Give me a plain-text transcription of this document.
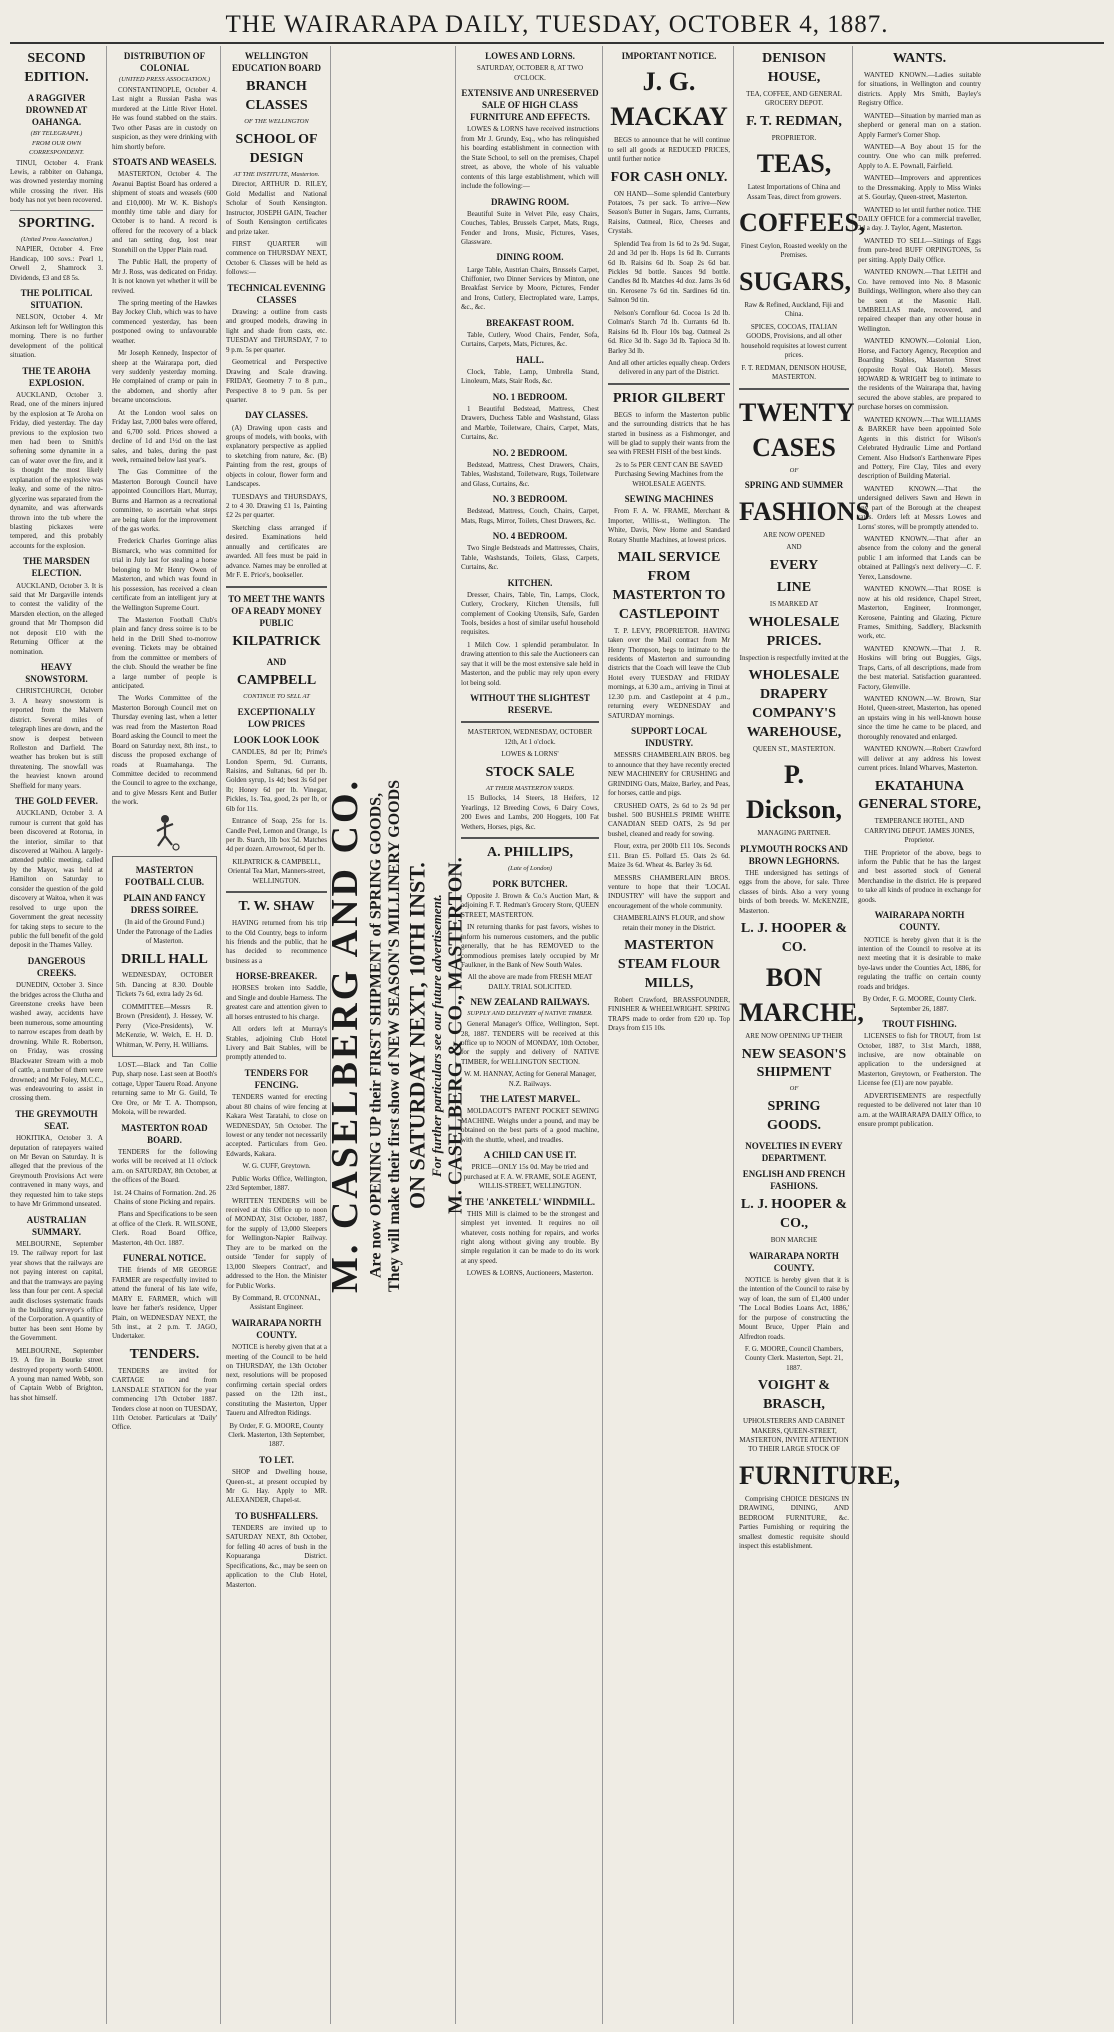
THE WAIRARAPA DAILY, TUESDAY, OCTOBER 4, 1887.
SECOND EDITION.
A RAGGIVER DROWNED AT OAHANGA.
(BY TELEGRAPH.)
FROM OUR OWN CORRESPONDENT.

TINUI, October 4. Frank Lewis, a rabbiter on Oahanga, was drowned yesterday morning while crossing the river. His body has not yet been recovered.

SPORTING.
(United Press Association.)

NAPIER, October 4. Free Handicap, 100 sovs.: Pearl 1, Orwell 2, Shamrock 3. Dividends, £3 and £8 5s.

THE POLITICAL SITUATION.

NELSON, October 4. Mr Atkinson left for Wellington this morning. There is no further development of the political situation.

THE TE AROHA EXPLOSION.

AUCKLAND, October 3. Read, one of the miners injured by the explosion at Te Aroha on Friday, died yesterday. The day previous to the explosion two men had been to Smith's softening some dynamite in a can of water over the fire, and it is thought the most likely explanation of the explosive was leaky, and some of the nitro-glycerine was separated from the dynamite, and was afterwards thrown into the tub where the blasting pickaxes were tempered, and this probably accounts for the explosion.

THE MARSDEN ELECTION.

AUCKLAND, October 3. It is said that Mr Dargaville intends to contest the validity of the Marsden election, on the alleged ground that Mr Thompson did not deposit £10 with the Returning Officer at the nomination.

HEAVY SNOWSTORM.

CHRISTCHURCH, October 3. A heavy snowstorm is reported from the Malvern district. Several miles of telegraph lines are down, and the snow is deepest between Rolleston and Darfield. The weather has broken but is still threatening. The snowfall was the heaviest known around Sheffield for many years.

THE GOLD FEVER.

AUCKLAND, October 3. A rumour is current that gold has been discovered at Rotorua, in the interior, similar to that discovered at Waihou. A largely-attended public meeting, called by the Mayor, was held at Hamilton on Saturday to consider the question of the gold discovery at Waitoa, when it was resolved to urge upon the Government the great necessity for taking steps to secure to the public the full benefit of the gold deposit in the Thames Valley.

DANGEROUS CREEKS.

DUNEDIN, October 3. Since the bridges across the Clutha and Greenstone creeks have been washed away, accidents have been numerous, some amounting to narrow escapes from death by drowning. While R. Robertson, on Friday, was crossing Blackwater Stream with a mob of cattle, a number of them were drowned; and Mr Foley, M.C.C., was endeavouring to assist in crossing them.

THE GREYMOUTH SEAT.

HOKITIKA, October 3. A deputation of ratepayers waited on Mr Bevan on Saturday. It is alleged that the previous of the Greymouth Provisions Act were contravened in many ways, and they requested him to take steps to have Mr Grimmond unseated.

AUSTRALIAN SUMMARY.

MELBOURNE, September 19. The railway report for last year shows that the railways are not paying interest on capital, and that the tramways are paying less than four per cent. A special audit discloses systematic frauds in the building surveyor's office of the Corporation. A quantity of butter has been sent Home by the Government.

MELBOURNE, September 19. A fire in Bourke street destroyed property worth £4000. A young man named Webb, son of Captain Webb of Brighton, has shot himself.

DISTRIBUTION OF COLONIAL
(UNITED PRESS ASSOCIATION.)

CONSTANTINOPLE, October 4. Last night a Russian Pasha was murdered at the Little River Hotel. He was found stabbed on the stairs. Two other Pasas are in custody on suspicion, as they were drinking with him shortly before.

STOATS AND WEASELS.

MASTERTON, October 4. The Awanui Baptist Board has ordered a shipment of stoats and weasels (600 and £10,000). Mr W. K. Bishop's monthly time table and diary for October is to hand. A record is offered for the recovery of a black and tan setting dog, lost near Stonehill on the Upper Plain road.

The Public Hall, the property of Mr J. Ross, was dedicated on Friday. It is not known yet whether it will be revived.

The spring meeting of the Hawkes Bay Jockey Club, which was to have commenced yesterday, has been postponed owing to unfavourable weather.

Mr Joseph Kennedy, Inspector of sheep at the Wairarapa port, died very suddenly yesterday morning. He complained of cramp or pain in the abdomen, and shortly after became unconscious.

At the London wool sales on Friday last, 7,000 bales were offered, and 6,700 sold. Prices showed a decline of 1d and 1½d on the last sales, and bales, during the past week, remained below last year's.

The Gas Committee of the Masterton Borough Council have appointed Councillors Hart, Murray, Burns and Harmon as a recreational committee, to ascertain what steps are being taken for the improvement of the gas works.

Frederick Charles Gorringe alias Bismarck, who was committed for trial in July last for stealing a horse belonging to Mr Henry Owen of Masterton, and which was found in his possession, has received a clean certificate from an intelligent jury at the Wellington Supreme Court.

The Masterton Football Club's plain and fancy dress soiree is to be held in the Drill Shed to-morrow evening. Tickets may be obtained from the committee or members of the club. Should the weather be fine a large number of people is anticipated.

The Works Committee of the Masterton Borough Council met on Thursday evening last, when a letter was read from the Masterton Road Board asking the Council to meet the Board on Saturday next, 8th inst., to discuss the proposed exchange of roads at Ruamahanga. The Committee decided to recommend the Council to agree to the exchange, and to give Messrs Kent and Butler the work.

MASTERTON FOOTBALL CLUB.
PLAIN AND FANCY DRESS SOIREE.

(In aid of the Ground Fund.) Under the Patronage of the Ladies of Masterton.

DRILL HALL

WEDNESDAY, OCTOBER 5th. Dancing at 8.30. Double Tickets 7s 6d, extra lady 2s 6d.

COMMITTEE—Messrs R. Brown (President), J. Hessey, W. Perry (Vice-Presidents), W. McKenzie, W. Welch, E. H. D. Whitman, W. Perry, H. Williams.

LOST.—Black and Tan Collie Pup, sharp nose. Last seen at Booth's cottage, Upper Taueru Road. Anyone returning same to Mr G. Guild, Te Ore Ore, or Mr T. A. Thompson, Mokoia, will be rewarded.

MASTERTON ROAD BOARD.

TENDERS for the following works will be received at 11 o'clock a.m. on SATURDAY, 8th October, at the offices of the Board.

1st. 24 Chains of Formation. 2nd. 26 Chains of stone Picking and repairs.

Plans and Specifications to be seen at office of the Clerk. R. WILSONE, Clerk. Road Board Office, Masterton, 4th Oct. 1887.

FUNERAL NOTICE.

THE friends of MR GEORGE FARMER are respectfully invited to attend the funeral of his late wife, MARY E. FARMER, which will leave her father's residence, Upper Plain, on WEDNESDAY NEXT, the 5th inst., at 2 p.m. T. JAGO, Undertaker.

TENDERS.

TENDERS are invited for CARTAGE to and from LANSDALE STATION for the year commencing 17th October 1887. Tenders close at noon on TUESDAY, 11th October. Particulars at 'Daily' Office.

WELLINGTON EDUCATION BOARD
BRANCH CLASSES
OF THE WELLINGTON
SCHOOL OF DESIGN
AT THE INSTITUTE, Masterton.

Director, ARTHUR D. RILEY, Gold Medallist and National Scholar of South Kensington. Instructor, JOSEPH GAIN, Teacher of South Kensington certificates and prize taker.

FIRST QUARTER will commence on THURSDAY NEXT, October 6. Classes will be held as follows:—

TECHNICAL EVENING CLASSES

Drawing: a outline from casts and grouped models, drawing in light and shade from casts, etc. TUESDAY and THURSDAY, 7 to 9 p.m. 5s per quarter.

Geometrical and Perspective Drawing and Scale drawing. FRIDAY, Geometry 7 to 8 p.m., Perspective 8 to 9 p.m. 5s per quarter.

DAY CLASSES.

(A) Drawing upon casts and groups of models, with books, with explanatory perspective as applied to sketching from nature, &c. (B) Painting from the rest, groups of objects in colour, flower form and Landscapes.

TUESDAYS and THURSDAYS, 2 to 4 30. Drawing £1 1s, Painting £2 2s per quarter.

Sketching class arranged if desired. Examinations held annually and certificates are awarded. All fees must be paid in advance. Names may be enrolled at Mr F. E. Price's, bookseller.

TO MEET THE WANTS OF A READY MONEY PUBLIC
KILPATRICK
AND
CAMPBELL
CONTINUE TO SELL AT
EXCEPTIONALLY LOW PRICES
LOOK LOOK LOOK

CANDLES, 8d per lb; Prime's London Sperm, 9d. Currants, Raisins, and Sultanas, 6d per lb. Golden syrup, 1s 4d; best 3s 6d per lb; Honey 6d per lb. Vinegar, Pickles, 1s. Tea, good, 2s per lb, or 6lb for 11s.

Entrance of Soap, 25s for 1s. Candle Peel, Lemon and Orange, 1s per lb. Starch, 1lb box 5d. Matches 4d per dozen. Arrowroot, 6d per lb.

KILPATRICK & CAMPBELL, Oriental Tea Mart, Manners-street, WELLINGTON.

T. W. SHAW

HAVING returned from his trip to the Old Country, begs to inform his friends and the public, that he has decided to recommence business as a

HORSE-BREAKER.

HORSES broken into Saddle, and Single and double Harness. The greatest care and attention given to all horses entrusted to his charge.

All orders left at Murray's Stables, adjoining Club Hotel Livery and Bait Stables, will be promptly attended to.

TENDERS FOR FENCING.

TENDERS wanted for erecting about 80 chains of wire fencing at Kakara West Taratahi, to close on WEDNESDAY, 5th October. The lowest or any tender not necessarily accepted. Particulars from Geo. Edwards, Kakara.

W. G. CUFF, Greytown.

Public Works Office, Wellington, 23rd September, 1887.

WRITTEN TENDERS will be received at this Office up to noon of MONDAY, 31st October, 1887, for the supply of 13,000 Sleepers for Wellington-Napier Railway. They are to be marked on the outside 'Tender for supply of 13,000 Sleepers Contract', and addressed to the Hon. the Minister for Public Works.

By Command, R. O'CONNAL, Assistant Engineer.

WAIRARAPA NORTH COUNTY.

NOTICE is hereby given that at a meeting of the Council to be held on THURSDAY, the 13th October next, resolutions will be proposed confirming certain special orders passed on the 12th inst., constituting the Masterton, Upper Taueru and Alfredton Ridings.

By Order, F. G. MOORE, County Clerk. Masterton, 13th September, 1887.

TO LET.

SHOP and Dwelling house, Queen-st., at present occupied by Mr G. Hay. Apply to MR. ALEXANDER, Chapel-st.

TO BUSHFALLERS.

TENDERS are invited up to SATURDAY NEXT, 8th October, for felling 40 acres of bush in the Kopuaranga District. Specifications, &c., may be seen on application to the Club Hotel, Masterton.

M. CASELBERG AND CO. Are now OPENING UP their FIRST SHIPMENT of SPRING GOODS, They will make their first show of NEW SEASON'S MILLINERY GOODS ON SATURDAY NEXT, 10TH INST. For further particulars see our future advertisement. M. CASELBERG & CO., MASTERTON.
LOWES AND LORNS.

SATURDAY, OCTOBER 8, AT TWO O'CLOCK.

EXTENSIVE AND UNRESERVED SALE OF HIGH CLASS FURNITURE AND EFFECTS.

LOWES & LORNS have received instructions from Mr J. Grundy, Esq., who has relinquished his boarding establishment in connection with the State School, to sell on the premises, Chapel street, as above, the whole of his valuable contents of this large establishment, which will include the following:—

DRAWING ROOM.

Beautiful Suite in Velvet Pile, easy Chairs, Couches, Tables, Brussels Carpet, Mats, Rugs, Fender and Irons, Music, Pictures, Vases, Glassware.

DINING ROOM.

Large Table, Austrian Chairs, Brussels Carpet, Chiffonier, two Dinner Services by Minton, one Breakfast Service by Moore, Pictures, Fender and Irons, Cutlery, Electroplated ware, Lamps, &c., &c.

BREAKFAST ROOM.

Table, Cutlery, Wood Chairs, Fender, Sofa, Curtains, Carpets, Mats, Pictures, &c.

HALL.

Clock, Table, Lamp, Umbrella Stand, Linoleum, Mats, Stair Rods, &c.

NO. 1 BEDROOM.

1 Beautiful Bedstead, Mattress, Chest Drawers, Duchess Table and Washstand, Glass and Marble, Toiletware, Chairs, Carpet, Mats, Curtains, &c.

NO. 2 BEDROOM.

Bedstead, Mattress, Chest Drawers, Chairs, Tables, Washstand, Toiletware, Rugs, Toiletware and Glass, Curtains, &c.

NO. 3 BEDROOM.

Bedstead, Mattress, Couch, Chairs, Carpet, Mats, Rugs, Mirror, Toilets, Chest Drawers, &c.

NO. 4 BEDROOM.

Two Single Bedsteads and Mattresses, Chairs, Table, Washstands, Toilets, Glass, Carpets, Curtains, &c.

KITCHEN.

Dresser, Chairs, Table, Tin, Lamps, Clock, Cutlery, Crockery, Kitchen Utensils, full complement of Cooking Utensils, Safe, Garden Tools, besides a host of similar useful household requisites.

1 Milch Cow. 1 splendid perambulator. In drawing attention to this sale the Auctioneers can say that it will be the most extensive sale held in Masterton, and the public may rely upon every lot being sold.

WITHOUT THE SLIGHTEST RESERVE.

MASTERTON, WEDNESDAY, OCTOBER 12th, At 1 o'clock.

LOWES & LORNS'

STOCK SALE
AT THEIR MASTERTON YARDS.

15 Bullocks, 14 Steers, 18 Heifers, 12 Yearlings, 12 Breeding Cows, 6 Dairy Cows, 200 Ewes and Lambs, 200 Hoggets, 100 Fat Wethers, Horses, pigs, &c.

A. PHILLIPS,
(Late of London)
PORK BUTCHER.

Opposite J. Brown & Co.'s Auction Mart, & adjoining F. T. Redman's Grocery Store, QUEEN STREET, MASTERTON.

IN returning thanks for past favors, wishes to inform his numerous customers, and the public generally, that he has REMOVED to the commodious premises lately occupied by Mr Faulkner, in the Bank of New South Wales.

All the above are made from FRESH MEAT DAILY. TRIAL SOLICITED.

NEW ZEALAND RAILWAYS.
SUPPLY AND DELIVERY of NATIVE TIMBER.

General Manager's Office, Wellington, Sept. 28, 1887. TENDERS will be received at this office up to NOON of MONDAY, 10th October, for the supply and delivery of NATIVE TIMBER, for WELLINGTON SECTION.

W. M. HANNAY, Acting for General Manager, N.Z. Railways.

THE LATEST MARVEL.

MOLDACOT'S PATENT POCKET SEWING MACHINE. Weighs under a pound, and may be obtained on the best parts of a good machine, with the shuttle, wheel, and treadles.

A CHILD CAN USE IT.

PRICE—ONLY 15s 0d. May be tried and purchased at F. A. W. FRAME, SOLE AGENT, WILLIS-STREET, WELLINGTON.

THE 'ANKETELL' WINDMILL.

THIS Mill is claimed to be the strongest and simplest yet invented. It requires no oil whatever, costs nothing for repairs, and works right along without giving any trouble. By simple regulation it can be made to do its work at any speed.

LOWES & LORNS, Auctioneers, Masterton.

IMPORTANT NOTICE.
J. G. MACKAY

BEGS to announce that he will continue to sell all goods at REDUCED PRICES, until further notice

FOR CASH ONLY.

ON HAND—Some splendid Canterbury Potatoes, 7s per sack. To arrive—New Season's Butter in Sugars, Jams, Currants, Raisins, Oatmeal, Rice, Cheeses and Crystals.

Splendid Tea from 1s 6d to 2s 9d. Sugar, 2d and 3d per lb. Hops 1s 6d lb. Currants 6d lb. Raisins 6d lb. Soap 2s 6d bar. Pickles 9d bottle. Sauces 9d bottle. Candles 8d lb. Matches 4d doz. Jams 3s 6d tin. Kerosene 7s 6d tin. Sardines 6d tin. Salmon 9d tin.

Nelson's Cornflour 6d. Cocoa 1s 2d lb. Colman's Starch 7d lb. Currants 6d lb. Raisins 6d lb. Flour 10s bag. Oatmeal 2s 6d. Rice 3d lb. Sago 3d lb. Tapioca 3d lb. Barley 3d lb.

And all other articles equally cheap. Orders delivered in any part of the District.

PRIOR GILBERT

BEGS to inform the Masterton public and the surrounding districts that he has started in business as a Fishmonger, and will be glad to supply their wants from the sea with FRESH FISH of the best kinds.

2s to 5s PER CENT CAN BE SAVED Purchasing Sewing Machines from the WHOLESALE AGENTS.

SEWING MACHINES

From F. A. W. FRAME, Merchant & Importer, Willis-st., Wellington. The White, Davis, New Home and Standard Rotary Shuttle Machines, at lowest prices.

MAIL SERVICE FROM MASTERTON TO CASTLEPOINT

T. P. LEVY, PROPRIETOR. HAVING taken over the Mail contract from Mr Henry Thompson, begs to intimate to the residents of Masterton and surrounding districts that the Coach will leave the Club Hotel every TUESDAY and FRIDAY mornings, at 6.30 a.m., arriving in Tinui at 12.30 p.m. and Castlepoint at 4 p.m., returning every WEDNESDAY and SATURDAY mornings.

SUPPORT LOCAL INDUSTRY.

MESSRS CHAMBERLAIN BROS. beg to announce that they have recently erected NEW MACHINERY for CRUSHING and GRINDING Oats, Maize, Barley, and Peas, for horses, cattle and pigs.

CRUSHED OATS, 2s 6d to 2s 9d per bushel. 500 BUSHELS PRIME WHITE CANADIAN SEED OATS, 2s 9d per bushel, cleaned and ready for sowing.

Flour, extra, per 200lb £11 10s. Seconds £11. Bran £5. Pollard £5. Oats 2s 6d. Maize 3s 6d. Wheat 4s. Barley 3s 6d.

MESSRS CHAMBERLAIN BROS. venture to hope that their 'LOCAL INDUSTRY' will have the support and encouragement of the whole community.

CHAMBERLAIN'S FLOUR, and show retain their money in the District.

MASTERTON STEAM FLOUR MILLS,

Robert Crawford, BRASSFOUNDER, FINISHER & WHEELWRIGHT. SPRING TRAPS made to order from £20 up. Top Drays from £15 10s.

DENISON HOUSE,

TEA, COFFEE, AND GENERAL GROCERY DEPOT.

F. T. REDMAN,

PROPRIETOR.

TEAS,

Latest Importations of China and Assam Teas, direct from growers.

COFFEES,

Finest Ceylon, Roasted weekly on the Premises.

SUGARS,

Raw & Refined, Auckland, Fiji and China.

SPICES, COCOAS, ITALIAN GOODS, Provisions, and all other household requisites at lowest current prices.

F. T. REDMAN, DENISON HOUSE, MASTERTON.

TWENTY CASES
OF
SPRING AND SUMMER
FASHIONS

ARE NOW OPENED

AND

EVERY
LINE

IS MARKED AT

WHOLESALE PRICES.

Inspection is respectfully invited at the

WHOLESALE DRAPERY COMPANY'S WAREHOUSE,

QUEEN ST., MASTERTON.

P. Dickson,

MANAGING PARTNER.

PLYMOUTH ROCKS AND BROWN LEGHORNS.

THE undersigned has settings of eggs from the above, for sale. Three classes of birds. Also a very young birds of both breeds. W. McKENZIE, Masterton.

L. J. HOOPER & CO.
BON MARCHE,

ARE NOW OPENING UP THEIR

NEW SEASON'S SHIPMENT
OF
SPRING GOODS.
NOVELTIES IN EVERY DEPARTMENT.
ENGLISH AND FRENCH FASHIONS.
L. J. HOOPER & CO.,

BON MARCHE

WAIRARAPA NORTH COUNTY.

NOTICE is hereby given that it is the intention of the Council to raise by way of loan, the sum of £1,400 under 'The Local Bodies Loans Act, 1886,' for the purpose of constructing the Mount Bruce, Upper Plain and Alfredton roads.

F. G. MOORE, Council Chambers, County Clerk. Masterton, Sept. 21, 1887.

VOIGHT & BRASCH,

UPHOLSTERERS AND CABINET MAKERS, QUEEN-STREET, MASTERTON, INVITE ATTENTION TO THEIR LARGE STOCK OF

FURNITURE,

Comprising CHOICE DESIGNS IN DRAWING, DINING, AND BEDROOM FURNITURE, &c. Parties Furnishing or requiring the smallest domestic requisite should inspect this establishment.

WANTS.

WANTED KNOWN.—Ladies suitable for situations, in Wellington and country districts. Apply Mrs Smith, Bayley's Registry Office.

WANTED—Situation by married man as shepherd or general man on a station. Apply Farmer's Corner Shop.

WANTED—A Boy about 15 for the country. One who can milk preferred. Apply to A. E. Pownall, Fairfield.

WANTED—Improvers and apprentices to the Dressmaking. Apply to Miss Winks at S. Gourlay, Queen-street, Masterton.

WANTED to let until further notice. THE DAILY OFFICE for a commercial traveller, 2d a day. J. Taylor, Agent, Masterton.

WANTED TO SELL—Sittings of Eggs from pure-bred BUFF ORPINGTONS, 5s per sitting. Apply Daily Office.

WANTED KNOWN.—That LEITH and Co. have removed into No. 8 Masonic Buildings, Wellington, where also they can be seen at the Masonic Hall. UMBRELLAS made, recovered, and repaired cheaper than any other house in Wellington.

WANTED KNOWN.—Colonial Lion, Horse, and Factory Agency, Reception and Boarding Stables, Masterton Street (opposite Royal Oak Hotel). Messrs HOWARD & WRIGHT beg to intimate to the residents of the Wairarapa that, having secured the above stables, are prepared to purchase horses on commission.

WANTED KNOWN.—That WILLIAMS & BARKER have been appointed Sole Agents in this district for Wilson's Celebrated Hydraulic Lime and Portland Cement. Also Hudson's Earthenware Pipes and Pottery, Fire Clay, Tiles and every description of Building Material.

WANTED KNOWN.—That the undersigned delivers Sawn and Hewn in any part of the Borough at the cheapest rates. Orders left at Messrs Lowes and Lorns' stores, will be promptly attended to.

WANTED KNOWN.—That after an absence from the colony and the general public I am informed that Lands can be obtained at Pallings's next delivery—C. F. Yerex, Lansdowne.

WANTED KNOWN.—That ROSE is now at his old residence, Chapel Street, Masterton, Engineer, Ironmonger, Kerosene, Painting and Glazing, Picture Frames, Smithing, Saddlery, Blacksmith work, etc.

WANTED KNOWN.—That J. R. Hoskins will bring out Buggies, Gigs, Traps, Carts, of all descriptions, made from the best material. Satisfaction guaranteed. Factory, Glenville.

WANTED KNOWN.—W. Brown, Star Hotel, Queen-street, Masterton, has opened an upstairs wing in his well-known house since the time he came to be placed, and thoroughly renovated and enlarged.

WANTED KNOWN.—Robert Crawford will deliver at any address his lowest current prices. Inland Wharves, Masterton.

EKATAHUNA GENERAL STORE,

TEMPERANCE HOTEL, AND CARRYING DEPOT. JAMES JONES, Proprietor.

THE Proprietor of the above, begs to inform the Public that he has the largest and best assorted stock of General Merchandise in the district. He is prepared to take all kinds of produce in exchange for goods.

WAIRARAPA NORTH COUNTY.

NOTICE is hereby given that it is the intention of the Council to resolve at its next meeting that it is desirable to make bye-laws under the Counties Act, 1886, for regulating the traffic on certain county roads and bridges.

By Order, F. G. MOORE, County Clerk. September 26, 1887.

TROUT FISHING.

LICENSES to fish for TROUT, from 1st October, 1887, to 31st March, 1888, inclusive, are now obtainable on application to the undersigned at Masterton, Greytown, or Featherston. The License fee (£1) are now payable.

ADVERTISEMENTS are respectfully requested to be delivered not later than 10 a.m. at the WAIRARAPA DAILY Office, to ensure prompt publication.
